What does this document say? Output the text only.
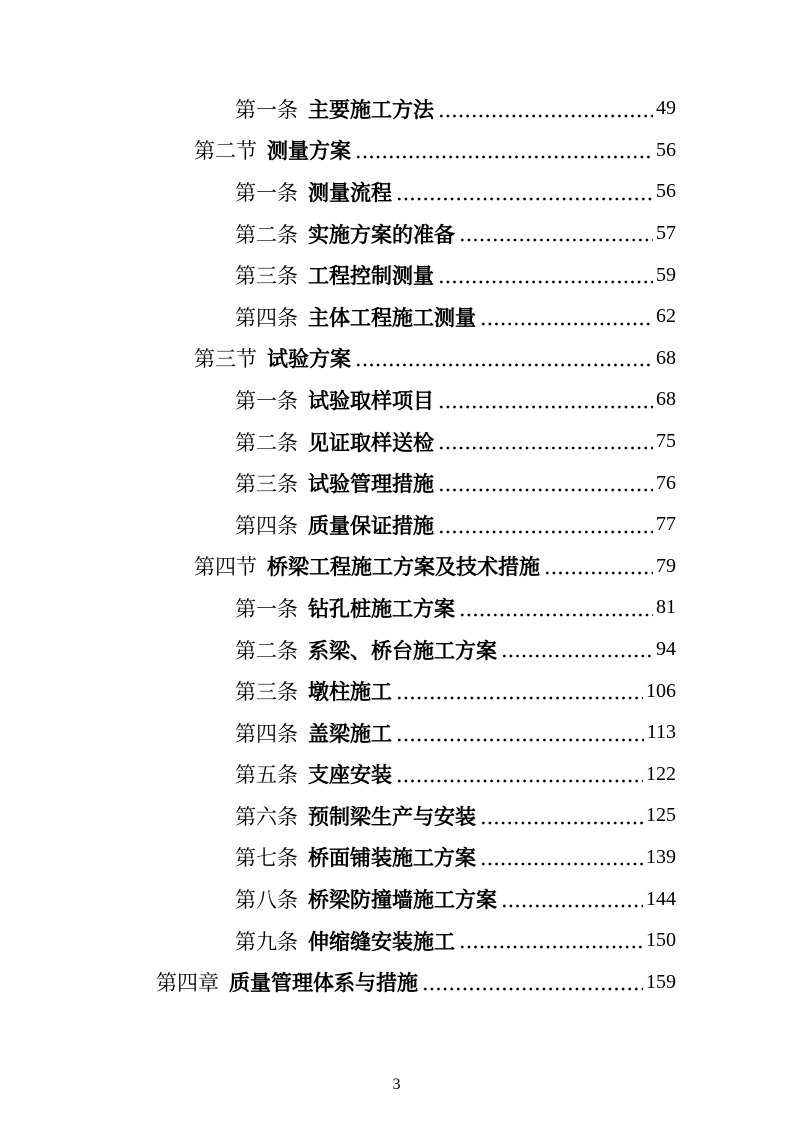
第一条 主要施工方法	49
第二节 测量方案	56
第一条 测量流程	56
第二条 实施方案的准备	57
第三条 工程控制测量	59
第四条 主体工程施工测量	62
第三节 试验方案	68
第一条 试验取样项目	68
第二条 见证取样送检	75
第三条 试验管理措施	76
第四条 质量保证措施	77
第四节 桥梁工程施工方案及技术措施	79
第一条 钻孔桩施工方案	81
第二条 系梁、桥台施工方案	94
第三条 墩柱施工	106
第四条 盖梁施工	113
第五条 支座安装	122
第六条 预制梁生产与安装	125
第七条 桥面铺装施工方案	139
第八条 桥梁防撞墙施工方案	144
第九条 伸缩缝安装施工	150
第四章 质量管理体系与措施	159
3
